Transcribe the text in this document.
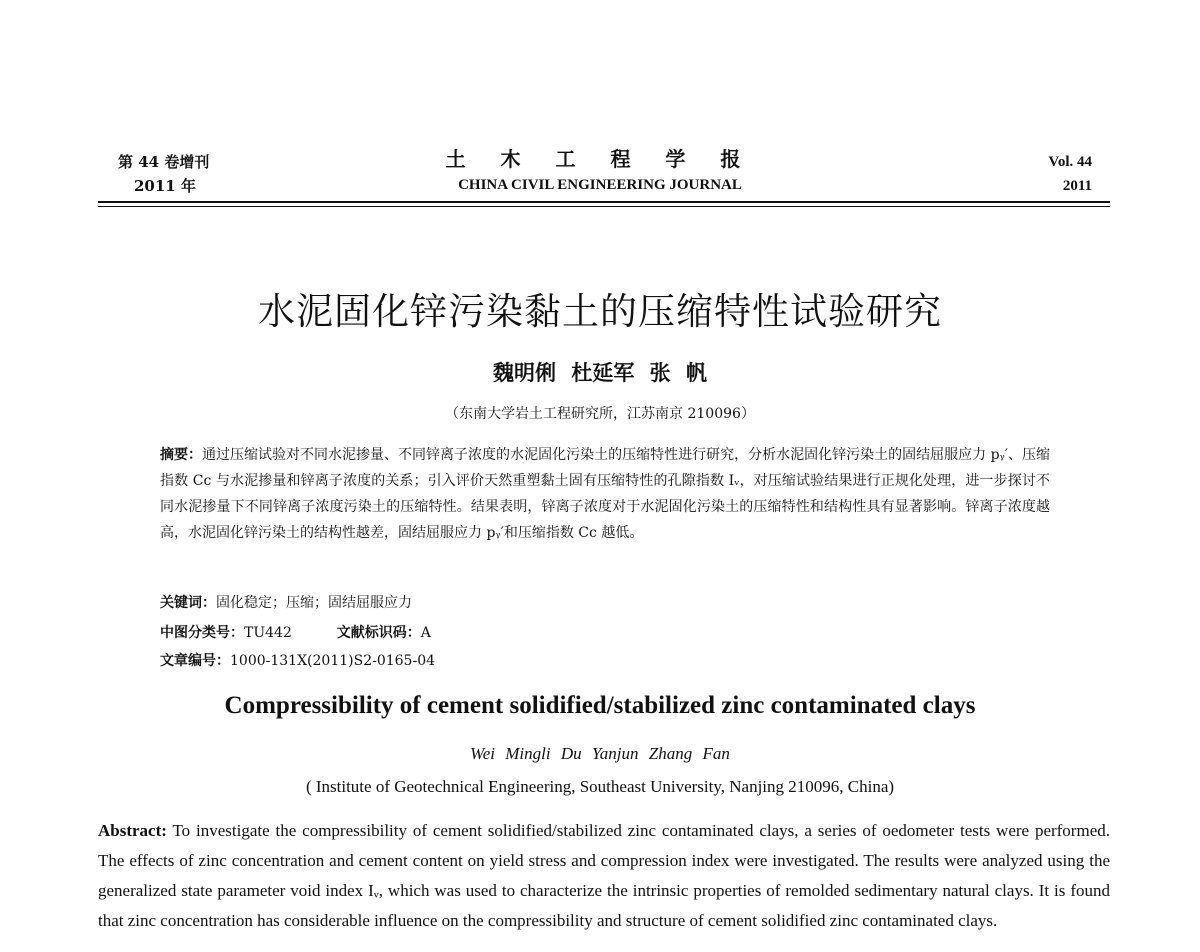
第 44 卷增刊
2011 年
土 木 工 程 学 报
CHINA CIVIL ENGINEERING JOURNAL
Vol. 44
2011
水泥固化锌污染黏土的压缩特性试验研究
魏明俐 杜延军 张 帆
（东南大学岩土工程研究所，江苏南京 210096）
摘要：通过压缩试验对不同水泥掺量、不同锌离子浓度的水泥固化污染土的压缩特性进行研究，分析水泥固化锌污染土的固结屈服应力 pᵧ′、压缩指数 Cc 与水泥掺量和锌离子浓度的关系；引入评价天然重塑黏土固有压缩特性的孔隙指数 Iᵥ，对压缩试验结果进行正规化处理，进一步探讨不同水泥掺量下不同锌离子浓度污染土的压缩特性。结果表明，锌离子浓度对于水泥固化污染土的压缩特性和结构性具有显著影响。锌离子浓度越高，水泥固化锌污染土的结构性越差，固结屈服应力 pᵧ′和压缩指数 Cc 越低。
关键词：固化稳定；压缩；固结屈服应力
中图分类号：TU442	文献标识码：A
文章编号：1000-131X(2011)S2-0165-04
Compressibility of cement solidified/stabilized zinc contaminated clays
Wei Mingli Du Yanjun Zhang Fan
( Institute of Geotechnical Engineering, Southeast University, Nanjing 210096, China)
Abstract: To investigate the compressibility of cement solidified/stabilized zinc contaminated clays, a series of oedometer tests were performed. The effects of zinc concentration and cement content on yield stress and compression index were investigated. The results were analyzed using the generalized state parameter void index Iᵥ, which was used to characterize the intrinsic properties of remolded sedimentary natural clays. It is found that zinc concentration has considerable influence on the compressibility and structure of cement solidified zinc contaminated clays.
